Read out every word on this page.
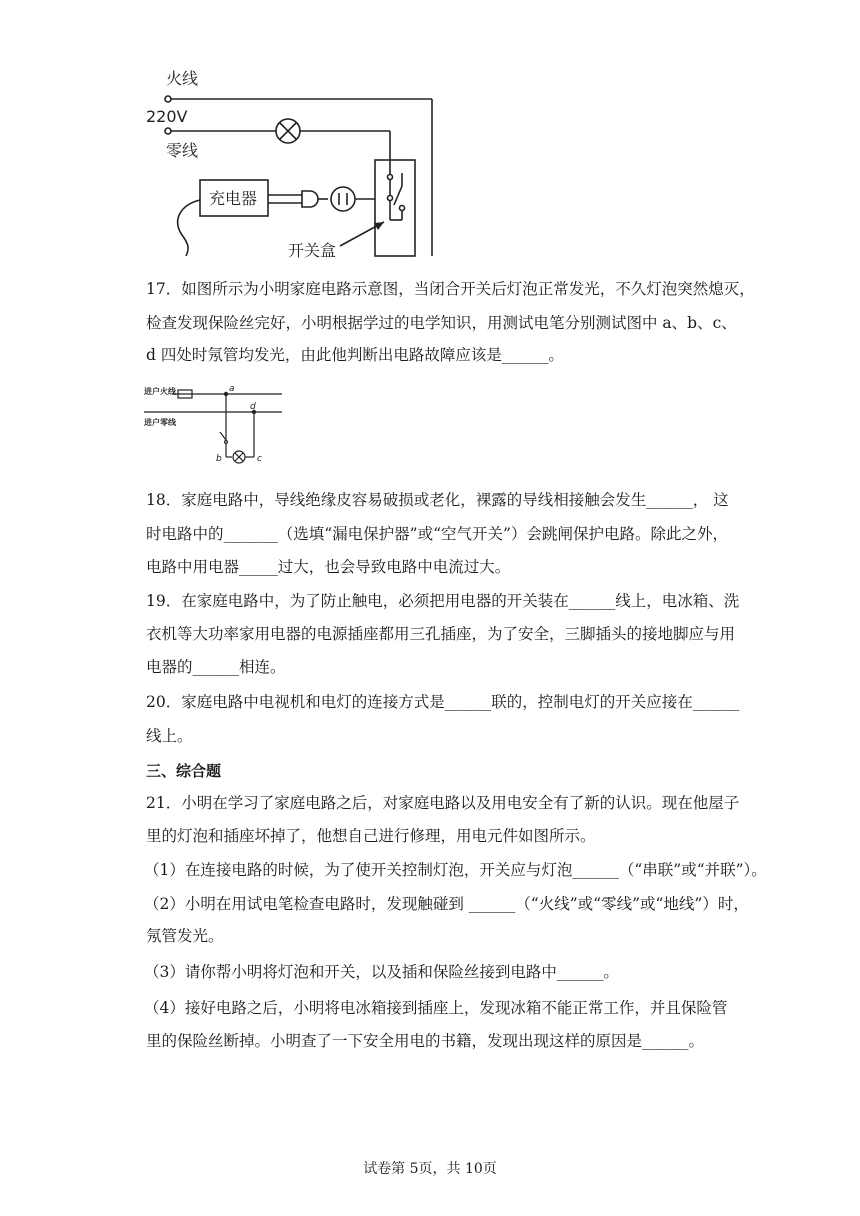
火线
220V
零线
充电器
开关盒
17．如图所示为小明家庭电路示意图，当闭合开关后灯泡正常发光，不久灯泡突然熄灭，
检查发现保险丝完好，小明根据学过的电学知识，用测试电笔分别测试图中 a、b、c、
d 四处时氖管均发光，由此他判断出电路故障应该是______。
进户火线
进户零线
a
b	c
d
18．家庭电路中，导线绝缘皮容易破损或老化，裸露的导线相接触会发生______， 这
时电路中的_______（选填“漏电保护器”或“空气开关”）会跳闸保护电路。除此之外，
电路中用电器_____过大，也会导致电路中电流过大。
19．在家庭电路中，为了防止触电，必须把用电器的开关装在______线上，电冰箱、洗
衣机等大功率家用电器的电源插座都用三孔插座，为了安全，三脚插头的接地脚应与用
电器的______相连。
20．家庭电路中电视机和电灯的连接方式是______联的，控制电灯的开关应接在______
线上。
三、综合题
21．小明在学习了家庭电路之后，对家庭电路以及用电安全有了新的认识。现在他屋子
里的灯泡和插座坏掉了，他想自己进行修理，用电元件如图所示。
（1）在连接电路的时候，为了使开关控制灯泡，开关应与灯泡______（“串联”或“并联”）。
（2）小明在用试电笔检查电路时，发现触碰到 ______（“火线”或“零线”或“地线”）时，
氖管发光。
（3）请你帮小明将灯泡和开关，以及插和保险丝接到电路中______。
（4）接好电路之后，小明将电冰箱接到插座上，发现冰箱不能正常工作，并且保险管
里的保险丝断掉。小明查了一下安全用电的书籍，发现出现这样的原因是______。
试卷第 5页，共 10页
